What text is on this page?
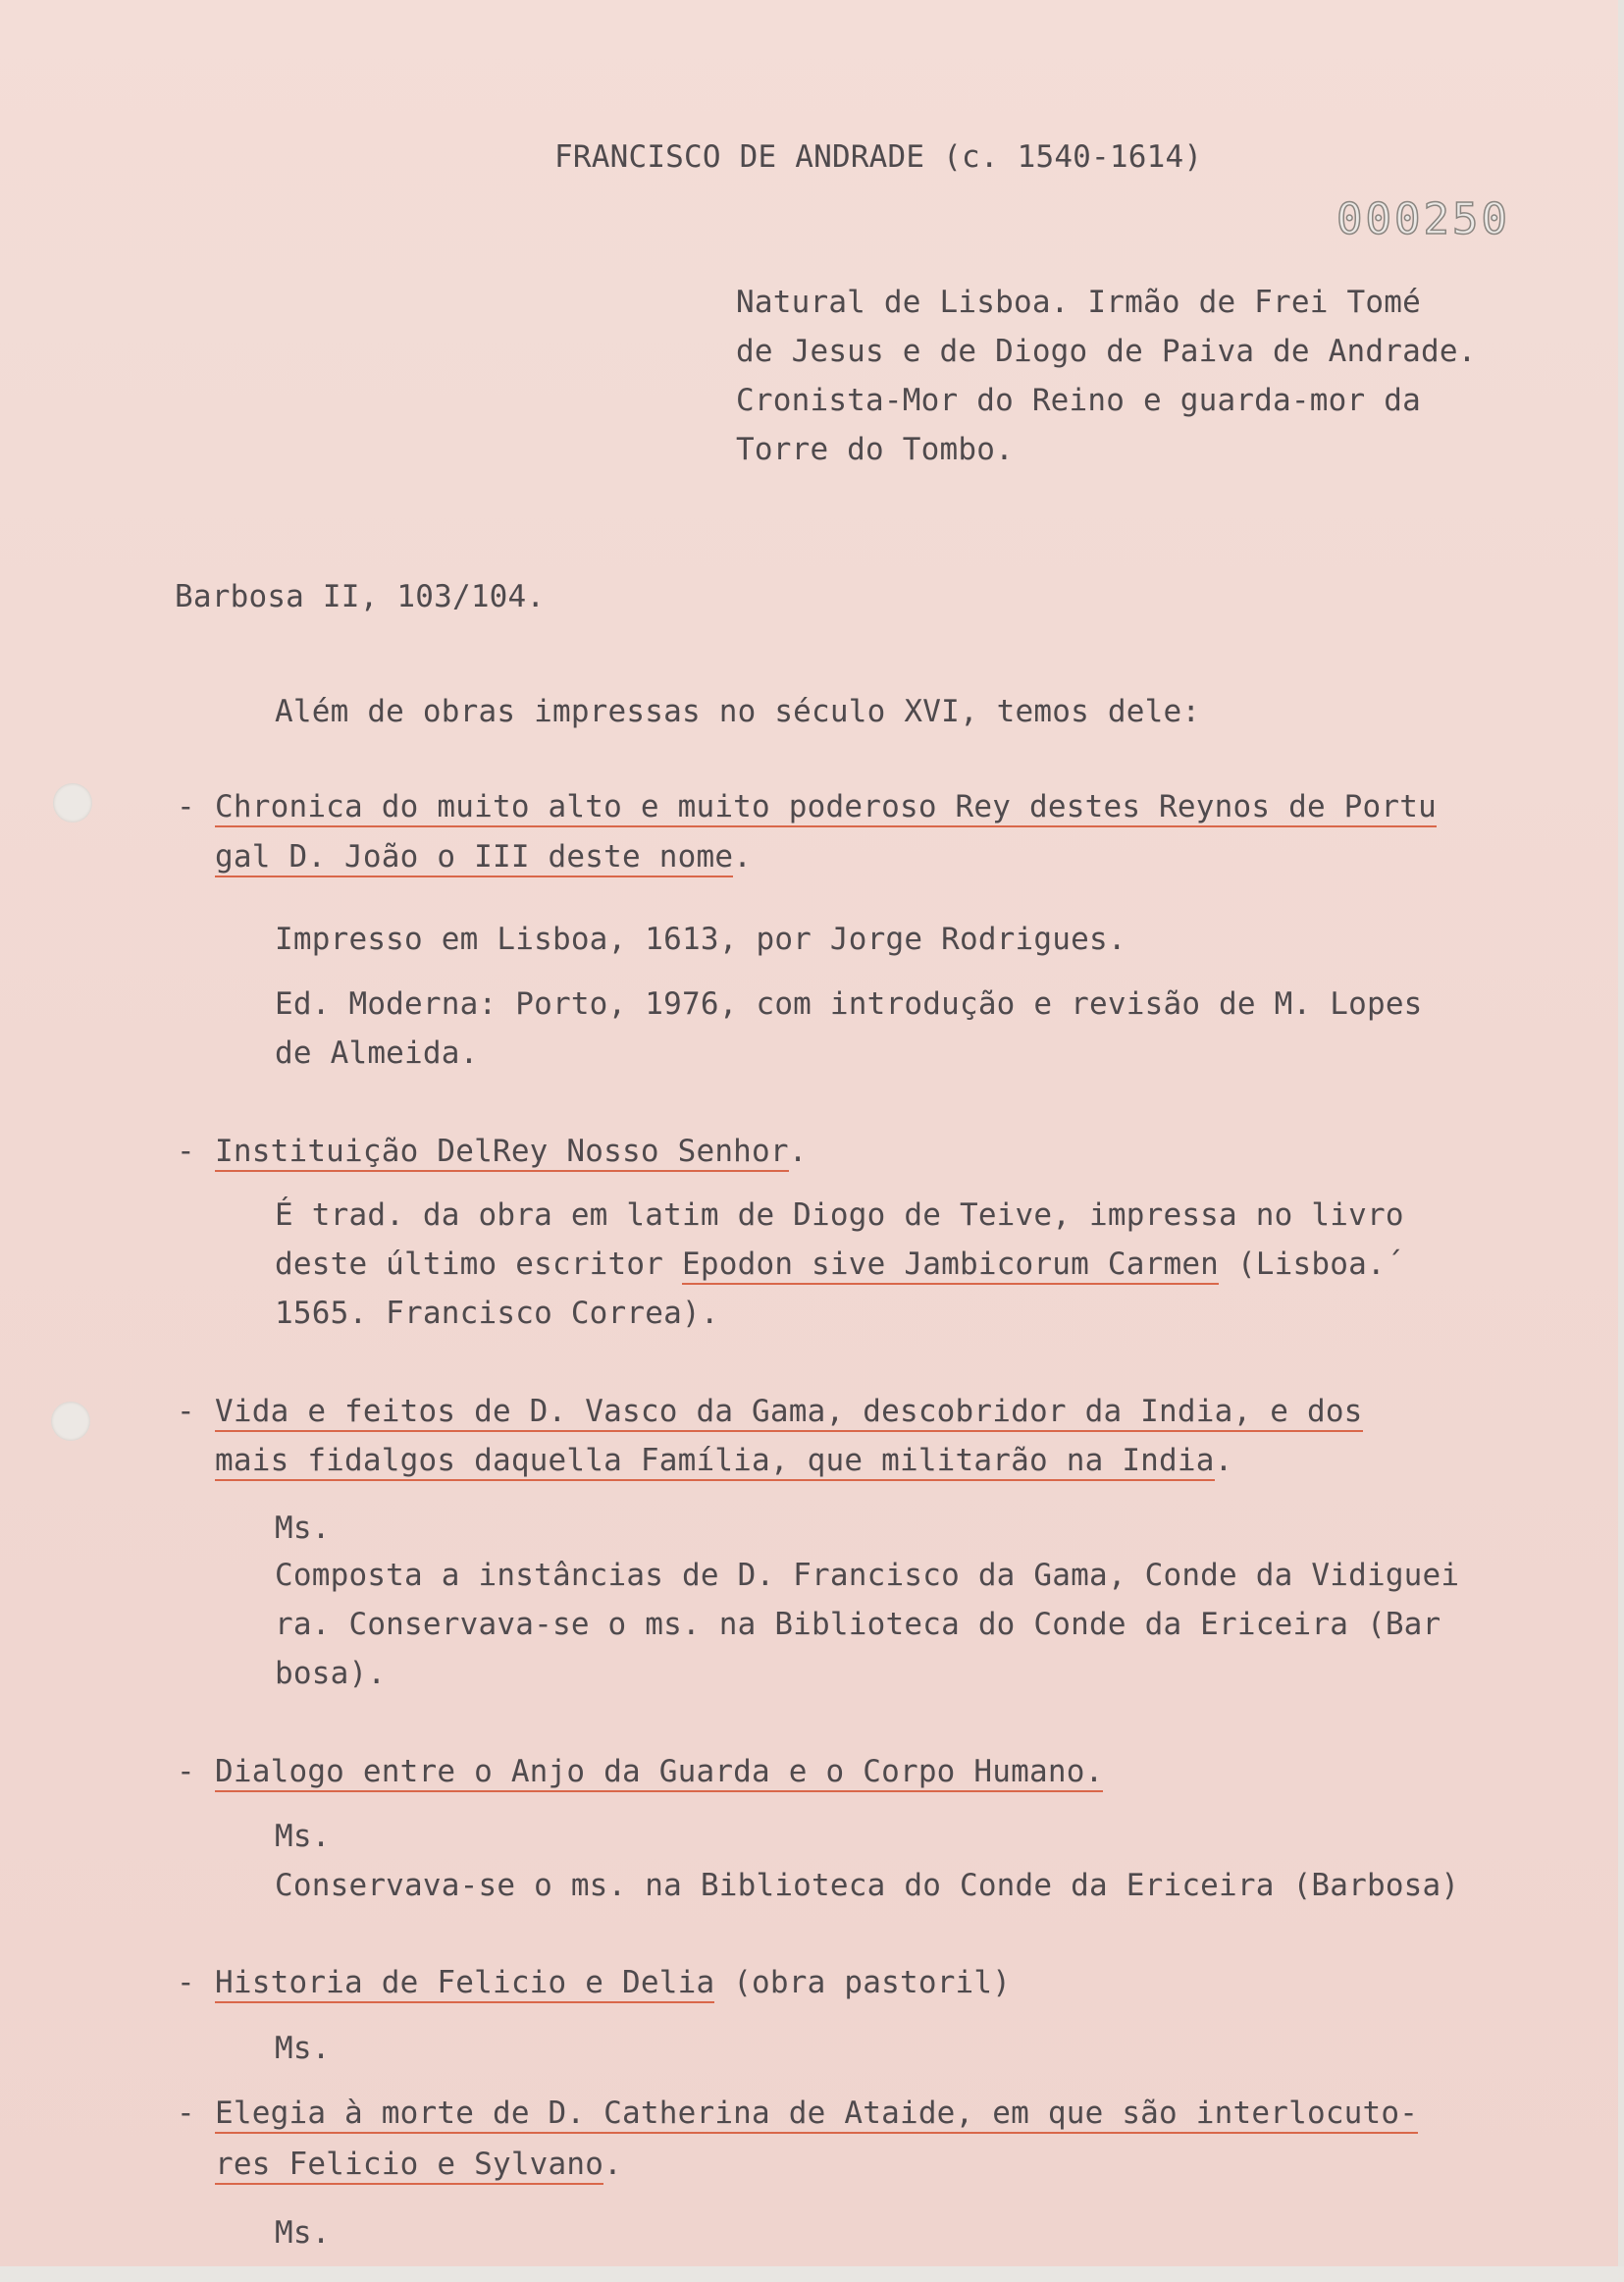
FRANCISCO DE ANDRADE (c. 1540-1614)
000250
Natural de Lisboa. Irmão de Frei Tomé
de Jesus e de Diogo de Paiva de Andrade.
Cronista-Mor do Reino e guarda-mor da
Torre do Tombo.
Barbosa II, 103/104.
Além de obras impressas no século XVI, temos dele:
- Chronica do muito alto e muito poderoso Rey destes Reynos de Portu
gal D. João o III deste nome.
Impresso em Lisboa, 1613, por Jorge Rodrigues.
Ed. Moderna: Porto, 1976, com introdução e revisão de M. Lopes
de Almeida.
- Instituição DelRey Nosso Senhor.
É trad. da obra em latim de Diogo de Teive, impressa no livro
deste último escritor Epodon sive Jambicorum Carmen (Lisboa.´
1565. Francisco Correa).
- Vida e feitos de D. Vasco da Gama, descobridor da India, e dos
mais fidalgos daquella Família, que militarão na India.
Ms.
Composta a instâncias de D. Francisco da Gama, Conde da Vidiguei
ra. Conservava-se o ms. na Biblioteca do Conde da Ericeira (Bar
bosa).
- Dialogo entre o Anjo da Guarda e o Corpo Humano.
Ms.
Conservava-se o ms. na Biblioteca do Conde da Ericeira (Barbosa)
- Historia de Felicio e Delia (obra pastoril)
Ms.
- Elegia à morte de D. Catherina de Ataide, em que são interlocuto-
res Felicio e Sylvano.
Ms.
